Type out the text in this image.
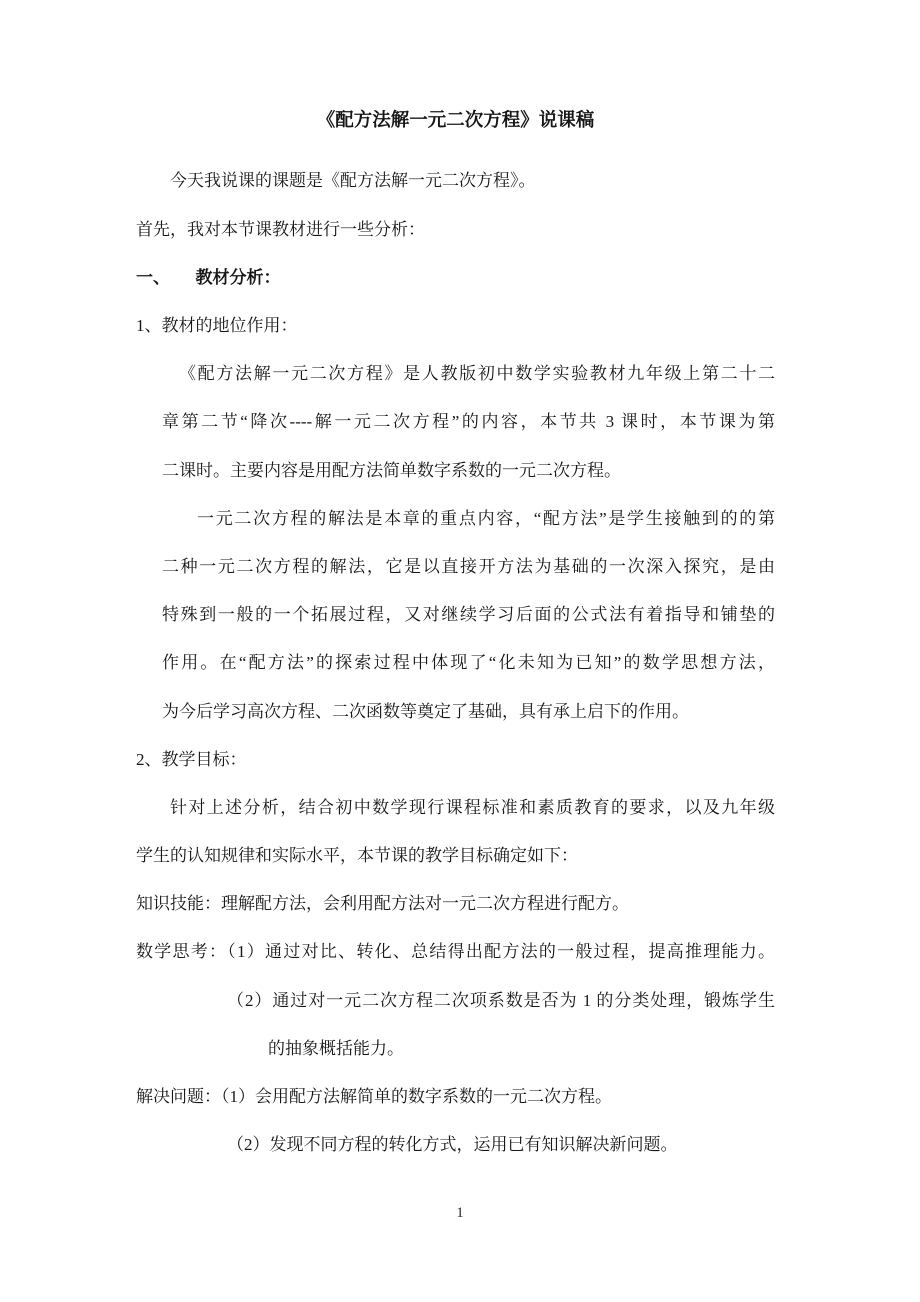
《配方法解一元二次方程》说课稿
今天我说课的课题是《配方法解一元二次方程》。
首先，我对本节课教材进行一些分析：
一、　　教材分析：
1、教材的地位作用：
《配方法解一元二次方程》是人教版初中数学实验教材九年级上第二十二
章第二节“降次----解一元二次方程”的内容，本节共 3 课时，本节课为第
二课时。主要内容是用配方法简单数字系数的一元二次方程。
一元二次方程的解法是本章的重点内容，“配方法”是学生接触到的的第
二种一元二次方程的解法，它是以直接开方法为基础的一次深入探究，是由
特殊到一般的一个拓展过程，又对继续学习后面的公式法有着指导和铺垫的
作用。在“配方法”的探索过程中体现了“化未知为已知”的数学思想方法，
为今后学习高次方程、二次函数等奠定了基础，具有承上启下的作用。
2、教学目标：
针对上述分析，结合初中数学现行课程标准和素质教育的要求，以及九年级
学生的认知规律和实际水平，本节课的教学目标确定如下：
知识技能：理解配方法，会利用配方法对一元二次方程进行配方。
数学思考：（1）通过对比、转化、总结得出配方法的一般过程，提高推理能力。
（2）通过对一元二次方程二次项系数是否为 1 的分类处理，锻炼学生
的抽象概括能力。
解决问题：（1）会用配方法解简单的数字系数的一元二次方程。
（2）发现不同方程的转化方式，运用已有知识解决新问题。
1
